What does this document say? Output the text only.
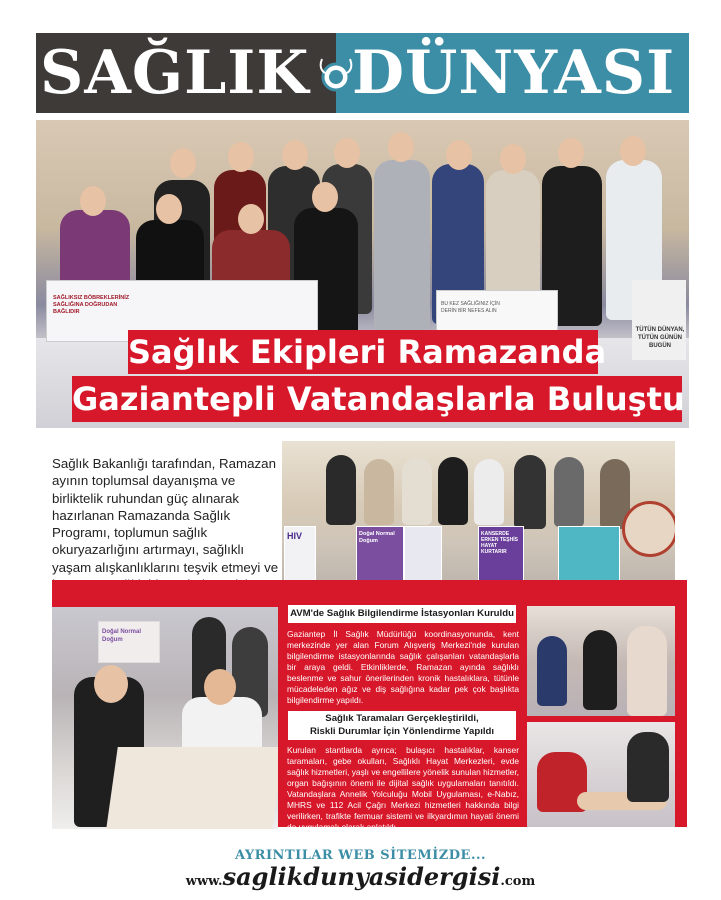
SAĞLIK DÜNYASI
SAĞLIKSIZ BÖBREKLERİNİZ SAĞLIĞINA DOĞRUDAN BAĞLIDIR
BU KEZ SAĞLIĞINIZ İÇİN DERİN BİR NEFES ALIN
TÜTÜN DÜNYAN, TÜTÜN GÜNÜN BUGÜN
Sağlık Ekipleri Ramazanda
Gaziantepli Vatandaşlarla Buluştu
Sağlık Bakanlığı tarafından, Ramazan ayının toplumsal dayanışma ve birliktelik ruhundan güç alınarak hazırlanan Ramazanda Sağlık Programı, toplumun sağlık okuryazarlığını artırmayı, sağlıklı yaşam alışkanlıklarını teşvik etmeyi ve
HIV	Doğal Normal Doğum
KANSERDE ERKEN TEŞHİS HAYAT KURTARIR
Doğal Normal Doğum
AVM'de Sağlık Bilgilendirme İstasyonları Kuruldu
Gaziantep İl Sağlık Müdürlüğü koordinasyonunda, kent merkezinde yer alan Forum Alışveriş Merkezi'nde kurulan bilgilendirme istasyonlarında sağlık çalışanları vatandaşlarla bir araya geldi. Etkinliklerde, Ramazan ayında sağlıklı beslenme ve sahur önerilerinden kronik hastalıklara, tütünle mücadeleden ağız ve diş sağlığına kadar pek çok başlıkta bilgilendirme yapıldı.
Sağlık Taramaları Gerçekleştirildi,
Riskli Durumlar İçin Yönlendirme Yapıldı
Kurulan stantlarda ayrıca; bulaşıcı hastalıklar, kanser taramaları, gebe okulları, Sağlıklı Hayat Merkezleri, evde sağlık hizmetleri, yaşlı ve engellilere yönelik sunulan hizmetler, organ bağışının önemi ile dijital sağlık uygulamaları tanıtıldı. Vatandaşlara Annelik Yolculuğu Mobil Uygulaması, e-Nabız, MHRS ve 112 Acil Çağrı Merkezi hizmetleri hakkında bilgi verilirken, trafikte fermuar sistemi ve ilkyardımın hayati önemi de uygulamalı olarak anlatıldı.
AYRINTILAR WEB SİTEMİZDE...
www.saglikdunyasidergisi.com
